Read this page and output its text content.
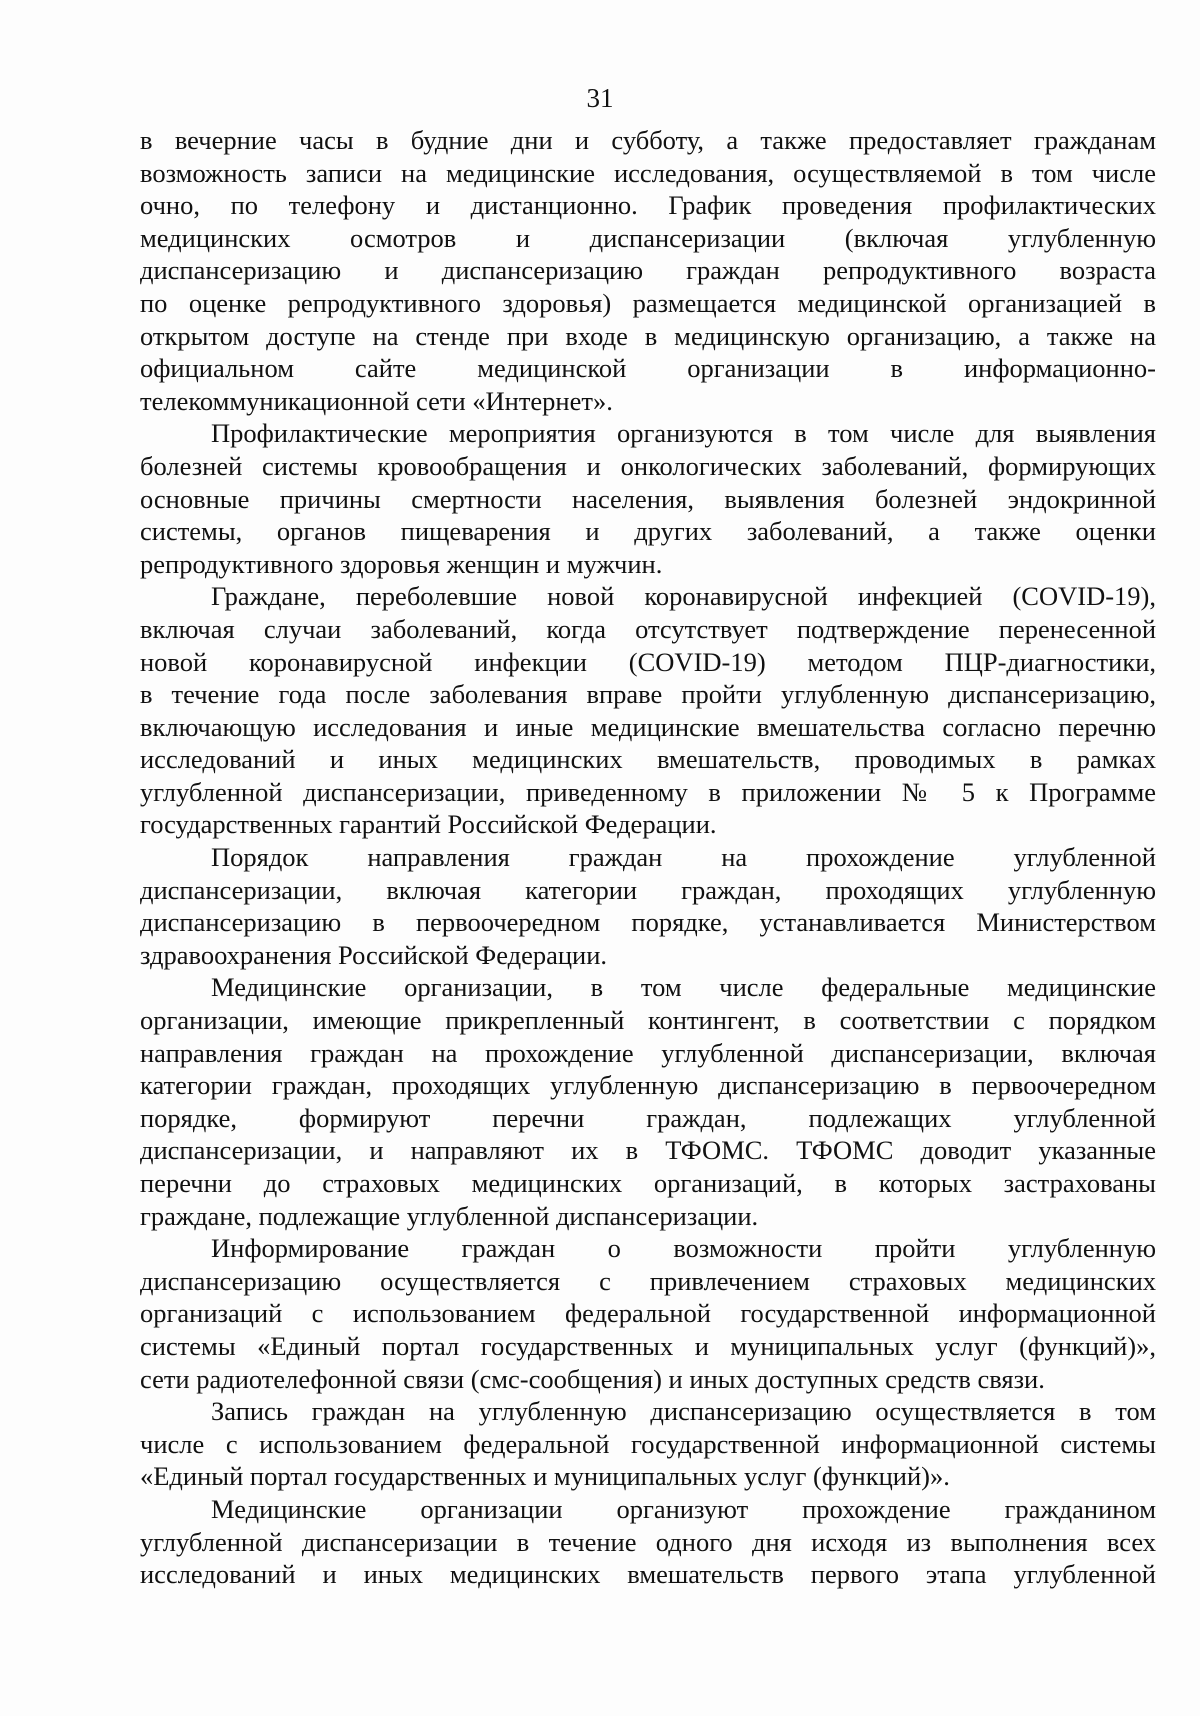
31
в вечерние часы в будние дни и субботу, а также предоставляет гражданам
возможность записи на медицинские исследования, осуществляемой в том числе
очно, по телефону и дистанционно. График проведения профилактических
медицинских осмотров и диспансеризации (включая углубленную
диспансеризацию и диспансеризацию граждан репродуктивного возраста
по оценке репродуктивного здоровья) размещается медицинской организацией в
открытом доступе на стенде при входе в медицинскую организацию, а также на
официальном сайте медицинской организации в информационно-
телекоммуникационной сети «Интернет».
Профилактические мероприятия организуются в том числе для выявления
болезней системы кровообращения и онкологических заболеваний, формирующих
основные причины смертности населения, выявления болезней эндокринной
системы, органов пищеварения и других заболеваний, а также оценки
репродуктивного здоровья женщин и мужчин.
Граждане, переболевшие новой коронавирусной инфекцией (COVID-19),
включая случаи заболеваний, когда отсутствует подтверждение перенесенной
новой коронавирусной инфекции (COVID-19) методом ПЦР-диагностики,
в течение года после заболевания вправе пройти углубленную диспансеризацию,
включающую исследования и иные медицинские вмешательства согласно перечню
исследований и иных медицинских вмешательств, проводимых в рамках
углубленной диспансеризации, приведенному в приложении № 5 к Программе
государственных гарантий Российской Федерации.
Порядок направления граждан на прохождение углубленной
диспансеризации, включая категории граждан, проходящих углубленную
диспансеризацию в первоочередном порядке, устанавливается Министерством
здравоохранения Российской Федерации.
Медицинские организации, в том числе федеральные медицинские
организации, имеющие прикрепленный контингент, в соответствии с порядком
направления граждан на прохождение углубленной диспансеризации, включая
категории граждан, проходящих углубленную диспансеризацию в первоочередном
порядке, формируют перечни граждан, подлежащих углубленной
диспансеризации, и направляют их в ТФОМС. ТФОМС доводит указанные
перечни до страховых медицинских организаций, в которых застрахованы
граждане, подлежащие углубленной диспансеризации.
Информирование граждан о возможности пройти углубленную
диспансеризацию осуществляется с привлечением страховых медицинских
организаций с использованием федеральной государственной информационной
системы «Единый портал государственных и муниципальных услуг (функций)»,
сети радиотелефонной связи (смс-сообщения) и иных доступных средств связи.
Запись граждан на углубленную диспансеризацию осуществляется в том
числе с использованием федеральной государственной информационной системы
«Единый портал государственных и муниципальных услуг (функций)».
Медицинские организации организуют прохождение гражданином
углубленной диспансеризации в течение одного дня исходя из выполнения всех
исследований и иных медицинских вмешательств первого этапа углубленной
